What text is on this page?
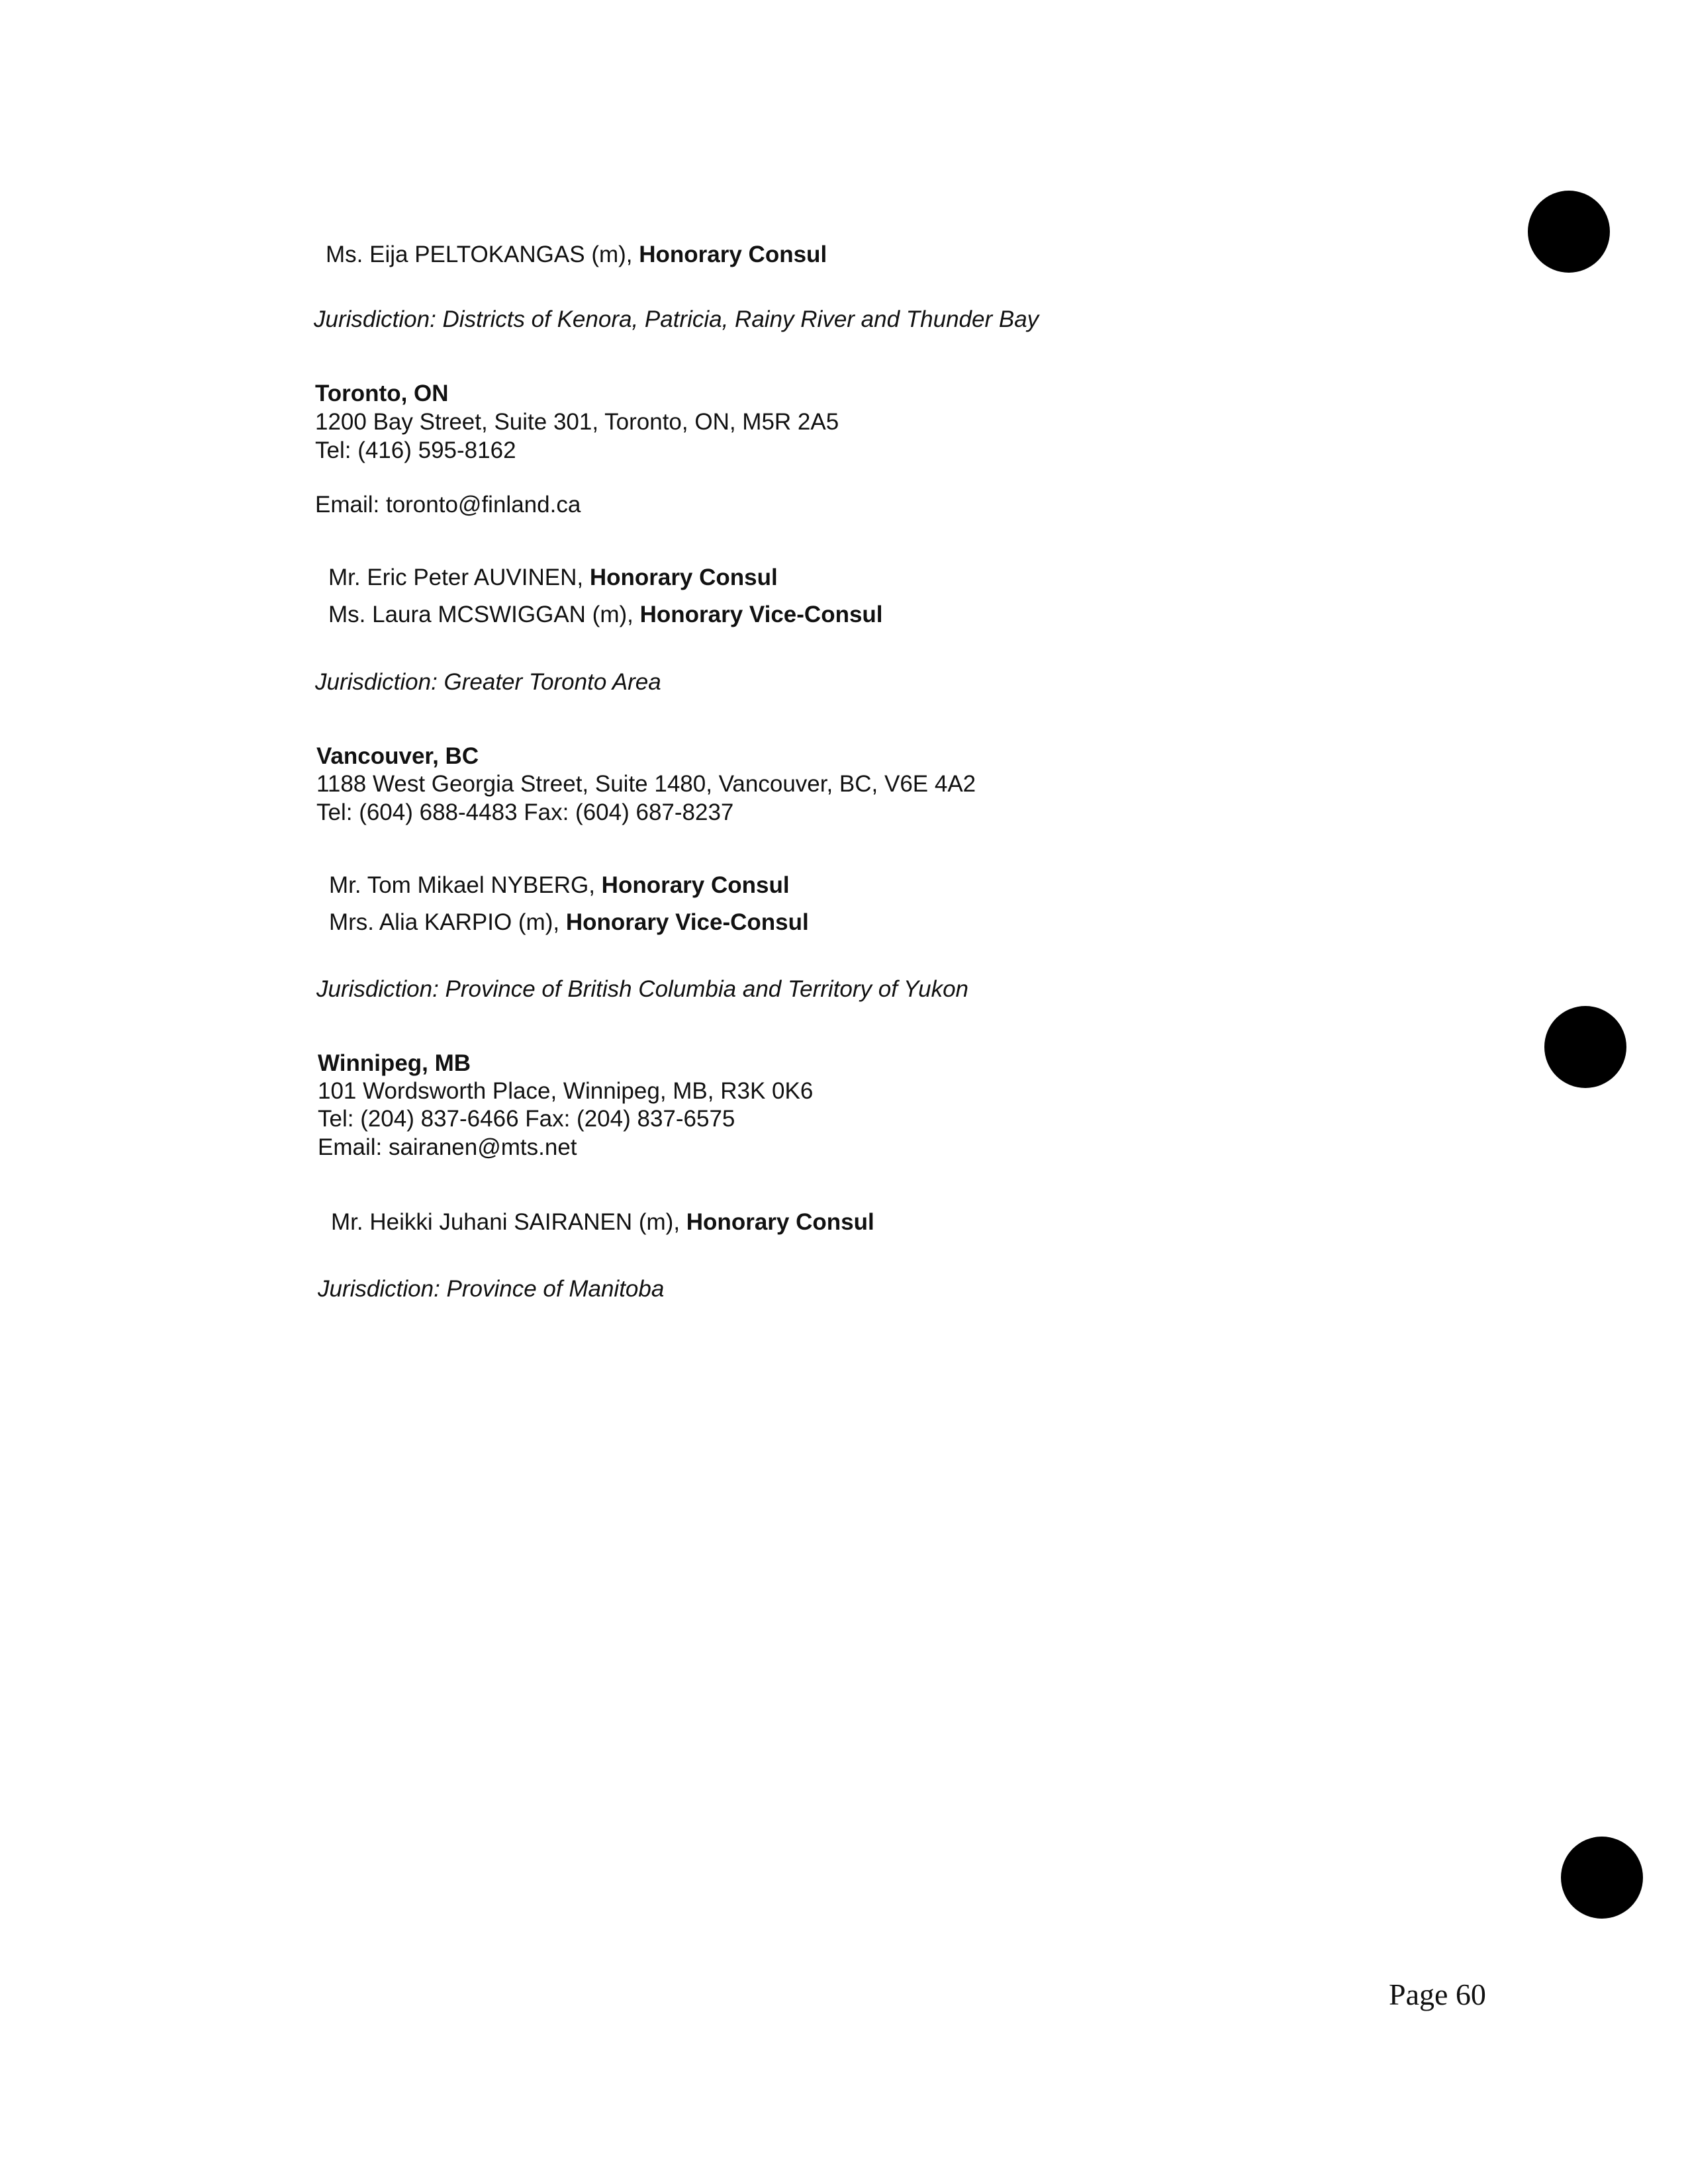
Ms. Eija PELTOKANGAS (m), Honorary Consul

Jurisdiction: Districts of Kenora, Patricia, Rainy River and Thunder Bay

Toronto, ON

1200 Bay Street, Suite 301, Toronto, ON, M5R 2A5

Tel: (416) 595-8162

Email: toronto@finland.ca

Mr. Eric Peter AUVINEN, Honorary Consul

Ms. Laura MCSWIGGAN (m), Honorary Vice-Consul

Jurisdiction: Greater Toronto Area

Vancouver, BC

1188 West Georgia Street, Suite 1480, Vancouver, BC, V6E 4A2

Tel: (604) 688-4483 Fax: (604) 687-8237

Mr. Tom Mikael NYBERG, Honorary Consul

Mrs. Alia KARPIO (m), Honorary Vice-Consul

Jurisdiction: Province of British Columbia and Territory of Yukon

Winnipeg, MB

101 Wordsworth Place, Winnipeg, MB, R3K 0K6

Tel: (204) 837-6466 Fax: (204) 837-6575

Email: sairanen@mts.net

Mr. Heikki Juhani SAIRANEN (m), Honorary Consul

Jurisdiction: Province of Manitoba

Page 60
